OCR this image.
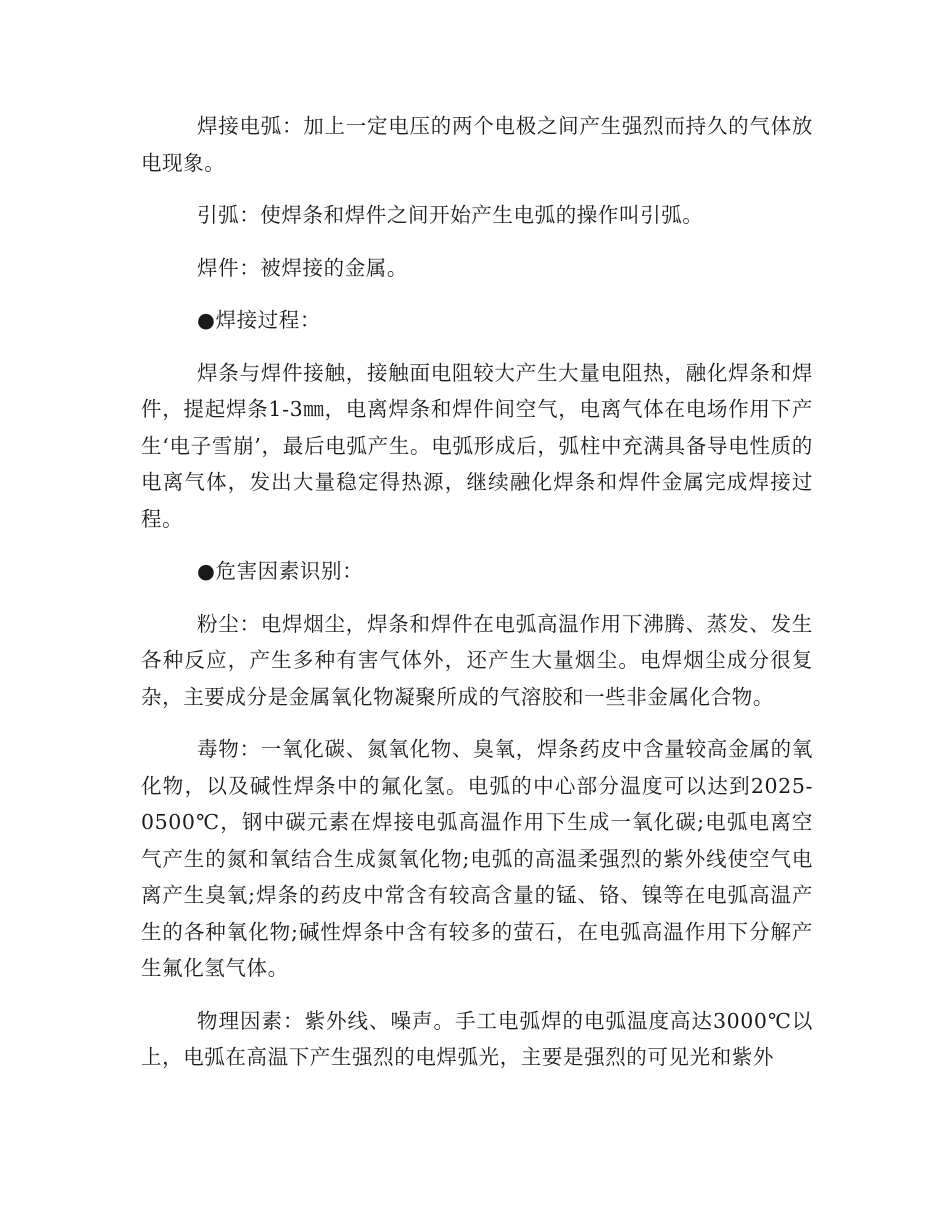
焊接电弧：加上一定电压的两个电极之间产生强烈而持久的气体放电现象。

引弧：使焊条和焊件之间开始产生电弧的操作叫引弧。

焊件：被焊接的金属。

●焊接过程：

焊条与焊件接触，接触面电阻较大产生大量电阻热，融化焊条和焊件，提起焊条1-3㎜，电离焊条和焊件间空气，电离气体在电场作用下产生‘电子雪崩’，最后电弧产生。电弧形成后，弧柱中充满具备导电性质的电离气体，发出大量稳定得热源，继续融化焊条和焊件金属完成焊接过程。

●危害因素识别：

粉尘：电焊烟尘，焊条和焊件在电弧高温作用下沸腾、蒸发、发生各种反应，产生多种有害气体外，还产生大量烟尘。电焊烟尘成分很复杂，主要成分是金属氧化物凝聚所成的气溶胶和一些非金属化合物。

毒物：一氧化碳、氮氧化物、臭氧，焊条药皮中含量较高金属的氧化物，以及碱性焊条中的氟化氢。电弧的中心部分温度可以达到2025-0500℃，钢中碳元素在焊接电弧高温作用下生成一氧化碳;电弧电离空气产生的氮和氧结合生成氮氧化物;电弧的高温柔强烈的紫外线使空气电离产生臭氧;焊条的药皮中常含有较高含量的锰、铬、镍等在电弧高温产生的各种氧化物;碱性焊条中含有较多的萤石，在电弧高温作用下分解产生氟化氢气体。

物理因素：紫外线、噪声。手工电弧焊的电弧温度高达3000℃以上，电弧在高温下产生强烈的电焊弧光，主要是强烈的可见光和紫外
